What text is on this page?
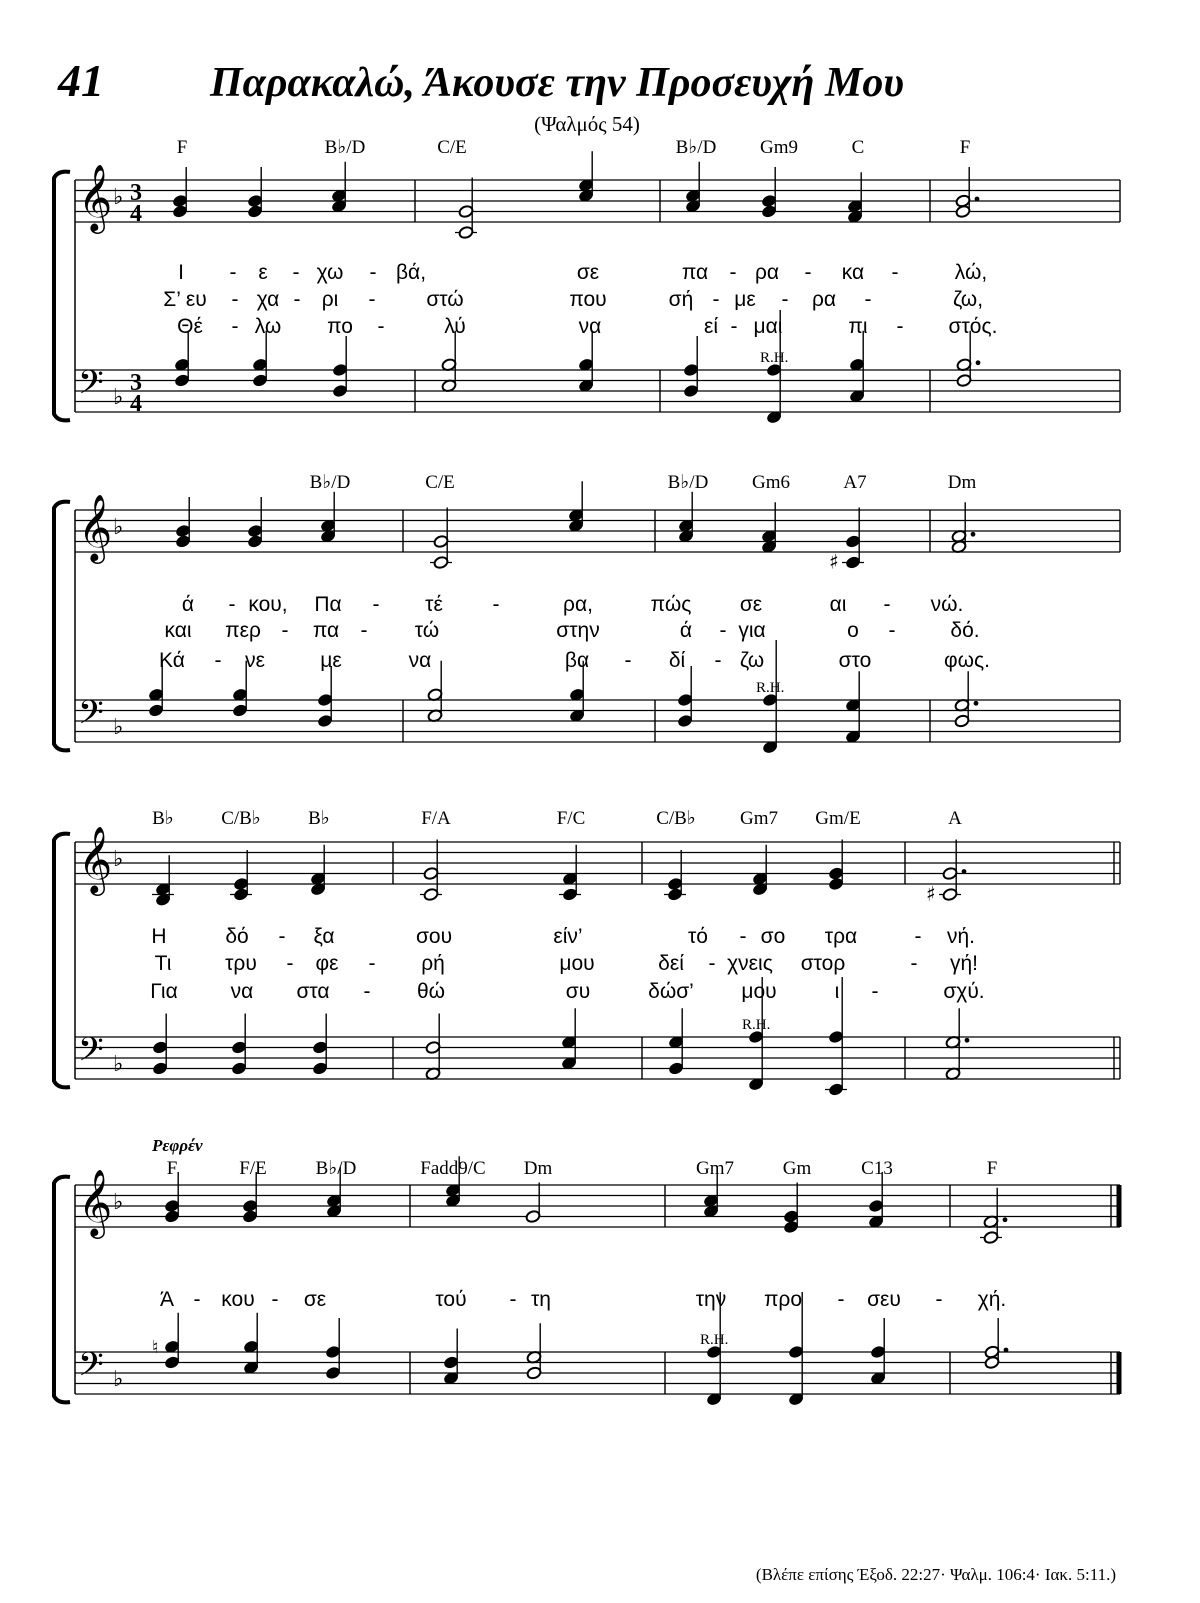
41	Παρακαλώ, Άκουσε την Προσευχή Μου
(Ψαλμός 54)
𝄞
𝄢
♭
♭
3
4
3
4
F	B♭/D	C/E	B♭/D Gm9	C	F
Ι - ε - χω - βά,	σε	πα - ρα - κα -	λώ,
Σ’ ευ - χα - ρι - στώ	που	σή - με - ρα -	ζω,
Θέ - λω πο -	λύ	να	εί - μαι	πι - στός.
R.H.
𝄞
𝄢
♭
♭
B♭/D	C/E	B♭/D Gm6	A7	Dm
ά - κου, Πα - τέ -	ρα,	πώς σε	αι - νώ.
και περ - πα - τώ	στην	ά - για	ο -	δό.
Κά - νε	με	να	βα - δί - ζω	στο	φως.
♯
R.H.
𝄞
𝄢
♭
♭
B♭ C/B♭ B♭	F/A	F/C	C/B♭ Gm7 Gm/E	A
Η	δό - ξα	σου	είν’	τό - σο τρα	- νή.
Τι	τρυ - φε - ρή	μου	δεί - χνεις στορ	- γή!
Για	να στα - θώ	συ	δώσ’ μου	ι -	σχύ.
♯
R.H.
𝄞
𝄢
♭
♭
Ρεφρέν
F	F/E	B♭/D	Fadd9/C Dm	Gm7	Gm	C13	F
Ά - κου - σε	τού - τη	την προ - σευ - χή.
♮	R.H.
(Βλέπε επίσης Έξοδ. 22:27· Ψαλμ. 106:4· Ιακ. 5:11.)
